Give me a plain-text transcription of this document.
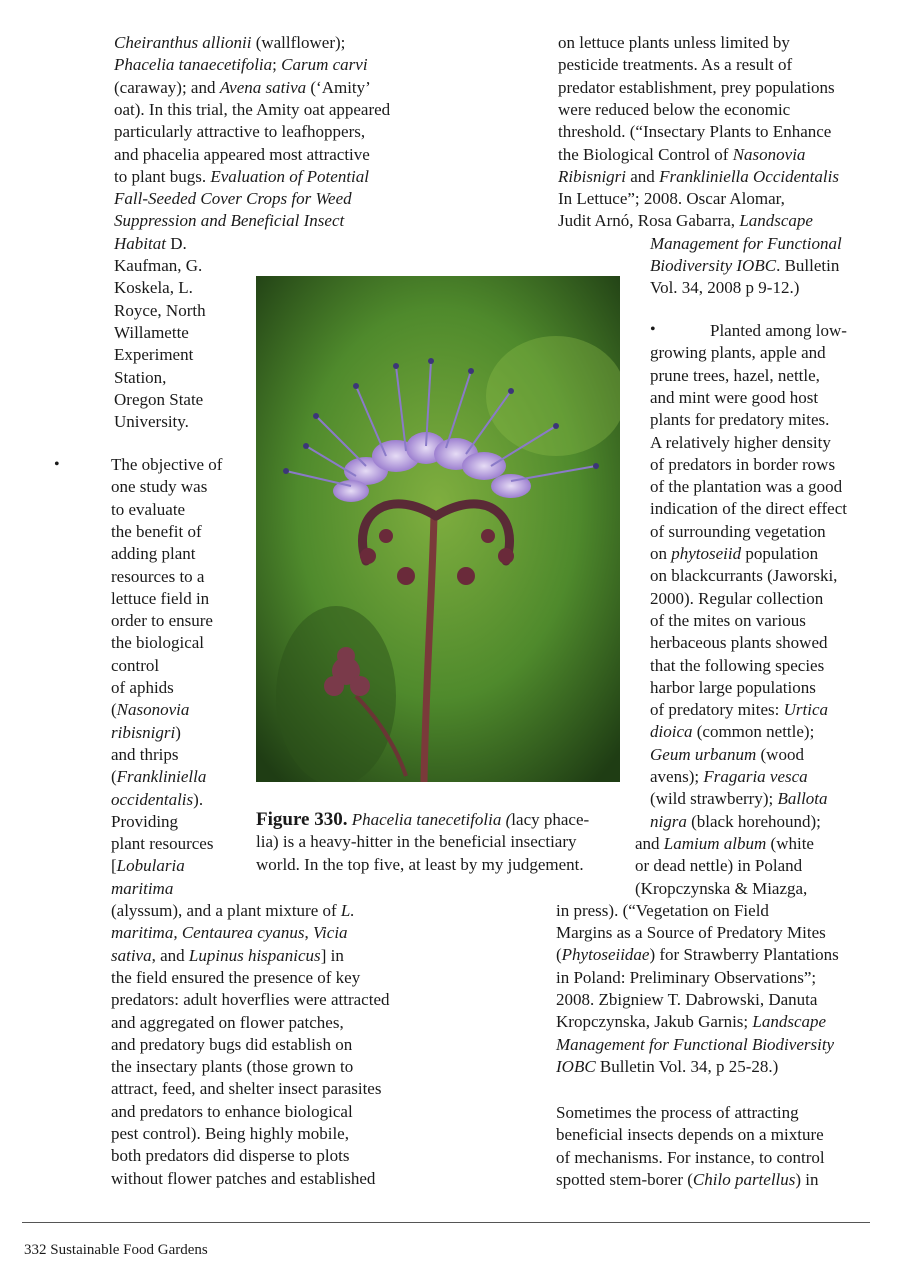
Cheiranthus allionii (wallflower);
Phacelia tanaecetifolia; Carum carvi
(caraway); and Avena sativa (‘Amity’
oat). In this trial, the Amity oat appeared
particularly attractive to leafhoppers,
and phacelia appeared most attractive
to plant bugs. Evaluation of Potential
Fall-Seeded Cover Crops for Weed
Suppression and Beneficial Insect
Habitat D.
Kaufman, G.
Koskela, L.
Royce, North
Willamette
Experiment
Station,
Oregon State
University.
•	The objective of
one study was
to evaluate
the benefit of
adding plant
resources to a
lettuce field in
order to ensure
the biological
control
of aphids
(Nasonovia
ribisnigri)
and thrips
(Frankliniella
occidentalis).
Providing
plant resources
[Lobularia
maritima
(alyssum), and a plant mixture of L.
maritima, Centaurea cyanus, Vicia
sativa, and Lupinus hispanicus] in
the field ensured the presence of key
predators: adult hoverflies were attracted
and aggregated on flower patches,
and predatory bugs did establish on
the insectary plants (those grown to
attract, feed, and shelter insect parasites
and predators to enhance biological
pest control). Being highly mobile,
both predators did disperse to plots
without flower patches and established
Figure 330. Phacelia tanecetifolia (lacy phace-
lia) is a heavy-hitter in the beneficial insectiary
world. In the top five, at least by my judgement.
on lettuce plants unless limited by
pesticide treatments. As a result of
predator establishment, prey populations
were reduced below the economic
threshold. (“Insectary Plants to Enhance
the Biological Control of Nasonovia
Ribisnigri and Frankliniella Occidentalis
In Lettuce”; 2008. Oscar Alomar,
Judit Arnó, Rosa Gabarra, Landscape
Management for Functional
Biodiversity IOBC. Bulletin
Vol. 34, 2008 p 9-12.)
•	Planted among low-
growing plants, apple and
prune trees, hazel, nettle,
and mint were good host
plants for predatory mites.
A relatively higher density
of predators in border rows
of the plantation was a good
indication of the direct effect
of surrounding vegetation
on phytoseiid population
on blackcurrants (Jaworski,
2000). Regular collection
of the mites on various
herbaceous plants showed
that the following species
harbor large populations
of predatory mites: Urtica
dioica (common nettle);
Geum urbanum (wood
avens); Fragaria vesca
(wild strawberry); Ballota
nigra (black horehound);
and Lamium album (white
or dead nettle) in Poland
(Kropczynska & Miazga,
in press). (“Vegetation on Field
Margins as a Source of Predatory Mites
(Phytoseiidae) for Strawberry Plantations
in Poland: Preliminary Observations”;
2008. Zbigniew T. Dabrowski, Danuta
Kropczynska, Jakub Garnis; Landscape
Management for Functional Biodiversity
IOBC Bulletin Vol. 34, p 25-28.)
Sometimes the process of attracting
beneficial insects depends on a mixture
of mechanisms. For instance, to control
spotted stem-borer (Chilo partellus) in
332 Sustainable Food Gardens
